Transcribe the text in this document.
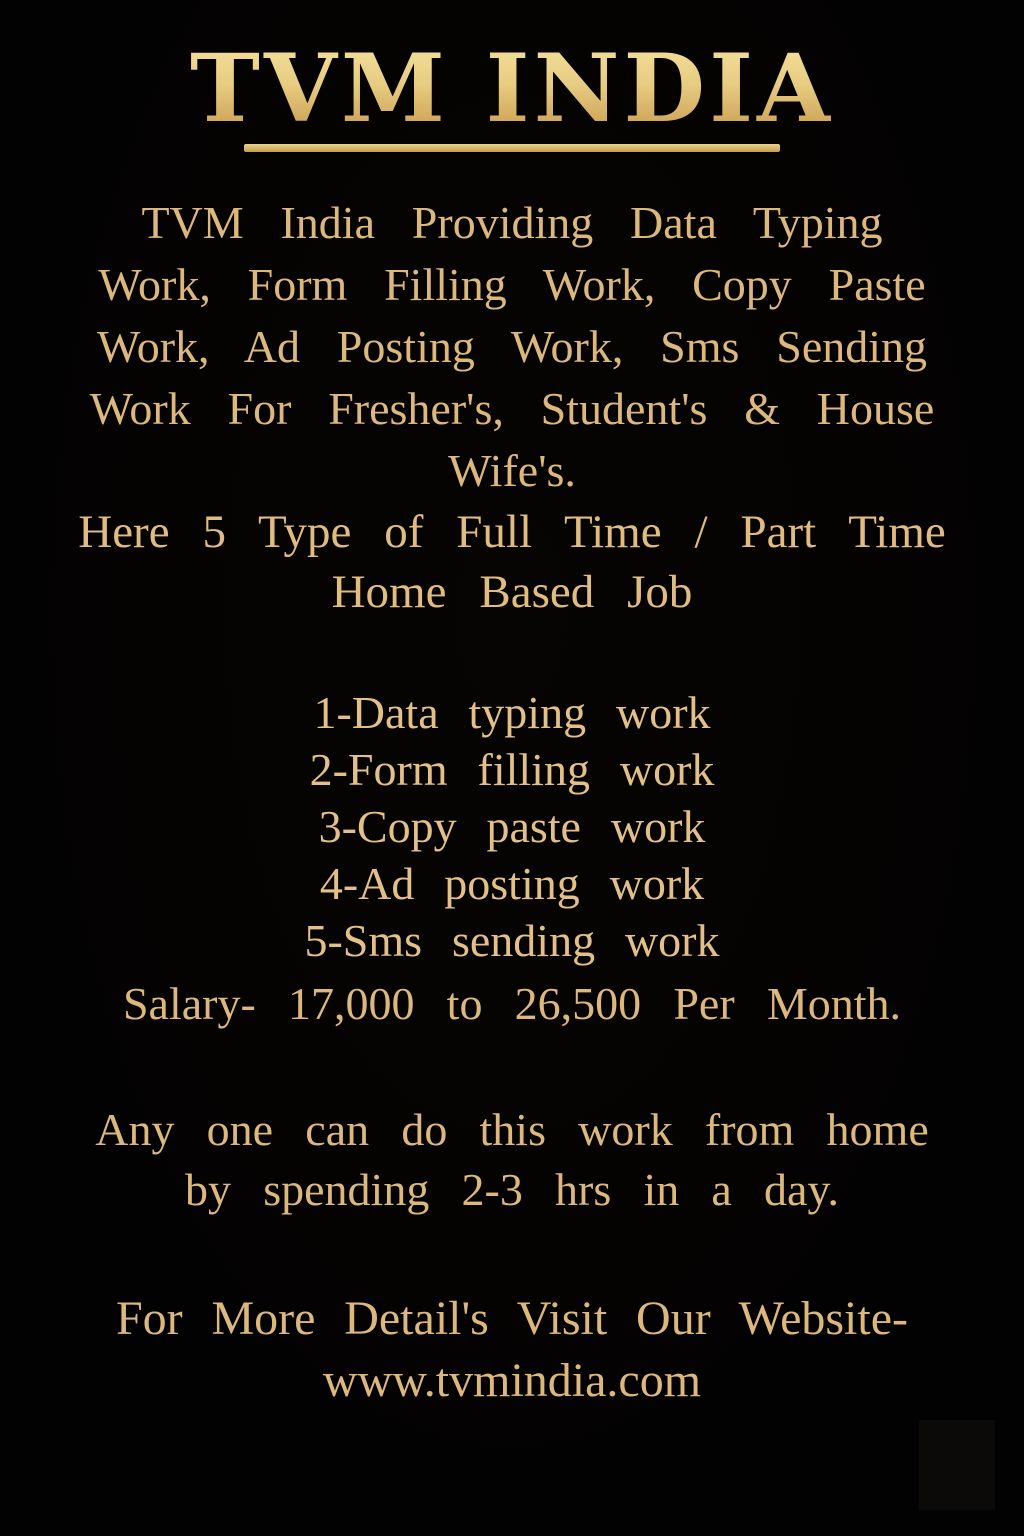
TVM INDIA
TVM India Providing Data Typing
Work, Form Filling Work, Copy Paste
Work, Ad Posting Work, Sms Sending
Work For Fresher's, Student's & House
Wife's.
Here 5 Type of Full Time / Part Time
Home Based Job
1-Data typing work
2-Form filling work
3-Copy paste work
4-Ad posting work
5-Sms sending work
Salary- 17,000 to 26,500 Per Month.
Any one can do this work from home
by spending 2-3 hrs in a day.
For More Detail's Visit Our Website-
www.tvmindia.com
